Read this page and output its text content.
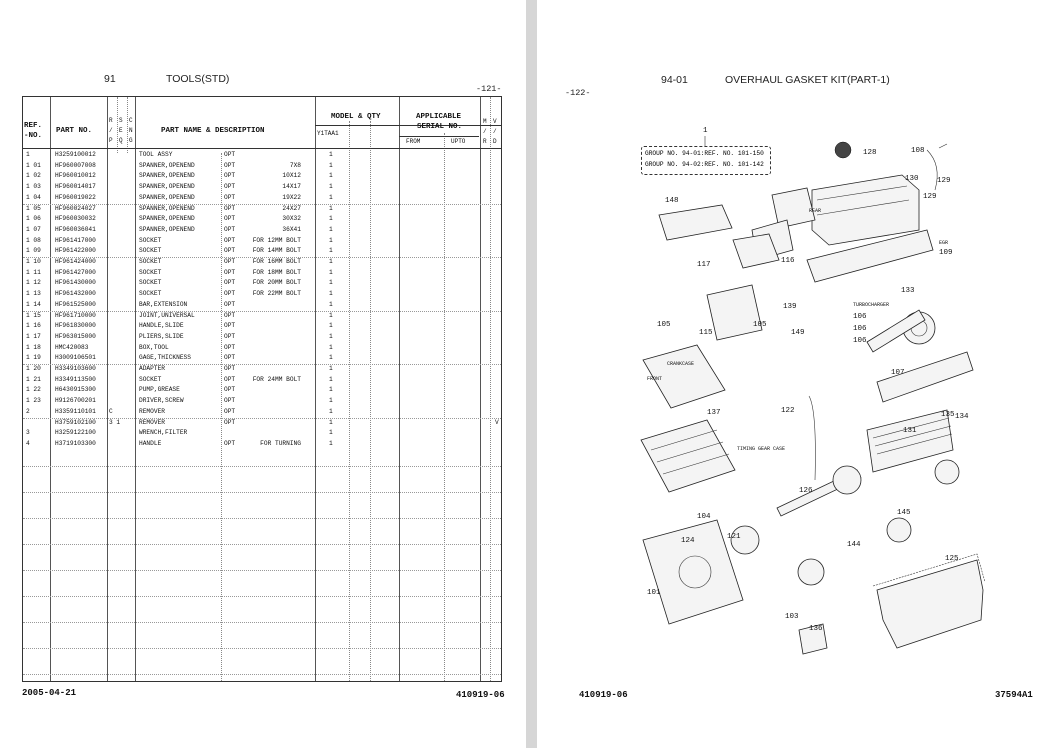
91	TOOLS(STD)
-121-
REF.
-NO.
PART NO.
R S C
/ E N
P Q G
PART NAME & DESCRIPTION
MODEL & QTY
Y1TAA1
APPLICABLE
SERIAL NO.
FROM	UPTO
M V
/ /
R D
1	H3259100012	TOOL ASSY	OPT	1
1 01 HF960007008	SPANNER,OPENEND	OPT	7X8	1
1 02 HF960010012	SPANNER,OPENEND	OPT	10X12	1
1 03 HF960014017	SPANNER,OPENEND	OPT	14X17	1
1 04 HF960019022	SPANNER,OPENEND	OPT	19X22	1
1 05 HF960024027	SPANNER,OPENEND	OPT	24X27	1
1 06 HF960030032	SPANNER,OPENEND	OPT	30X32	1
1 07 HF960036041	SPANNER,OPENEND	OPT	36X41	1
1 08 HF961417000	SOCKET	OPT	FOR 12MM BOLT	1
1 09 HF961422000	SOCKET	OPT	FOR 14MM BOLT	1
1 10 HF961424000	SOCKET	OPT	FOR 16MM BOLT	1
1 11 HF961427000	SOCKET	OPT	FOR 18MM BOLT	1
1 12 HF961430000	SOCKET	OPT	FOR 20MM BOLT	1
1 13 HF961432000	SOCKET	OPT	FOR 22MM BOLT	1
1 14 HF961525000	BAR,EXTENSION	OPT	1
1 15 HF961710000	JOINT,UNIVERSAL	OPT	1
1 16 HF961830000	HANDLE,SLIDE	OPT	1
1 17 HF963015000	PLIERS,SLIDE	OPT	1
1 18 HMC420083	BOX,TOOL	OPT	1
1 19 H3009106501	GAGE,THICKNESS	OPT	1
1 20 H3349103600	ADAPTER	OPT	1
1 21 H3349113500	SOCKET	OPT	FOR 24MM BOLT	1
1 22 H6430915300	PUMP,GREASE	OPT	1
1 23 H9126700201	DRIVER,SCREW	OPT	1
2	H3359110101 C	REMOVER	OPT	1
H3759102100 3 1	REMOVER	OPT	1	V
3	H3259122100	WRENCH,FILTER	1
4	H3719103300	HANDLE	OPT	FOR TURNING	1
2005-04-21	410919-06
94-01	OVERHAUL GASKET KIT(PART-1)
-122-
GROUP NO. 94-01:REF. NO. 101-150
GROUP NO. 94-02:REF. NO. 101-142
1
128	108
130
129
129
148
117	116
139
133
109
105
115
105
106
106
106
149
107
131
135 134
137	122
104
126
145
124	121
144
125
101
103
136
FRONT
CRANKCASE
REAR
TURBOCHARGER
TIMING GEAR CASE
EGR
410919-06	37594A1
